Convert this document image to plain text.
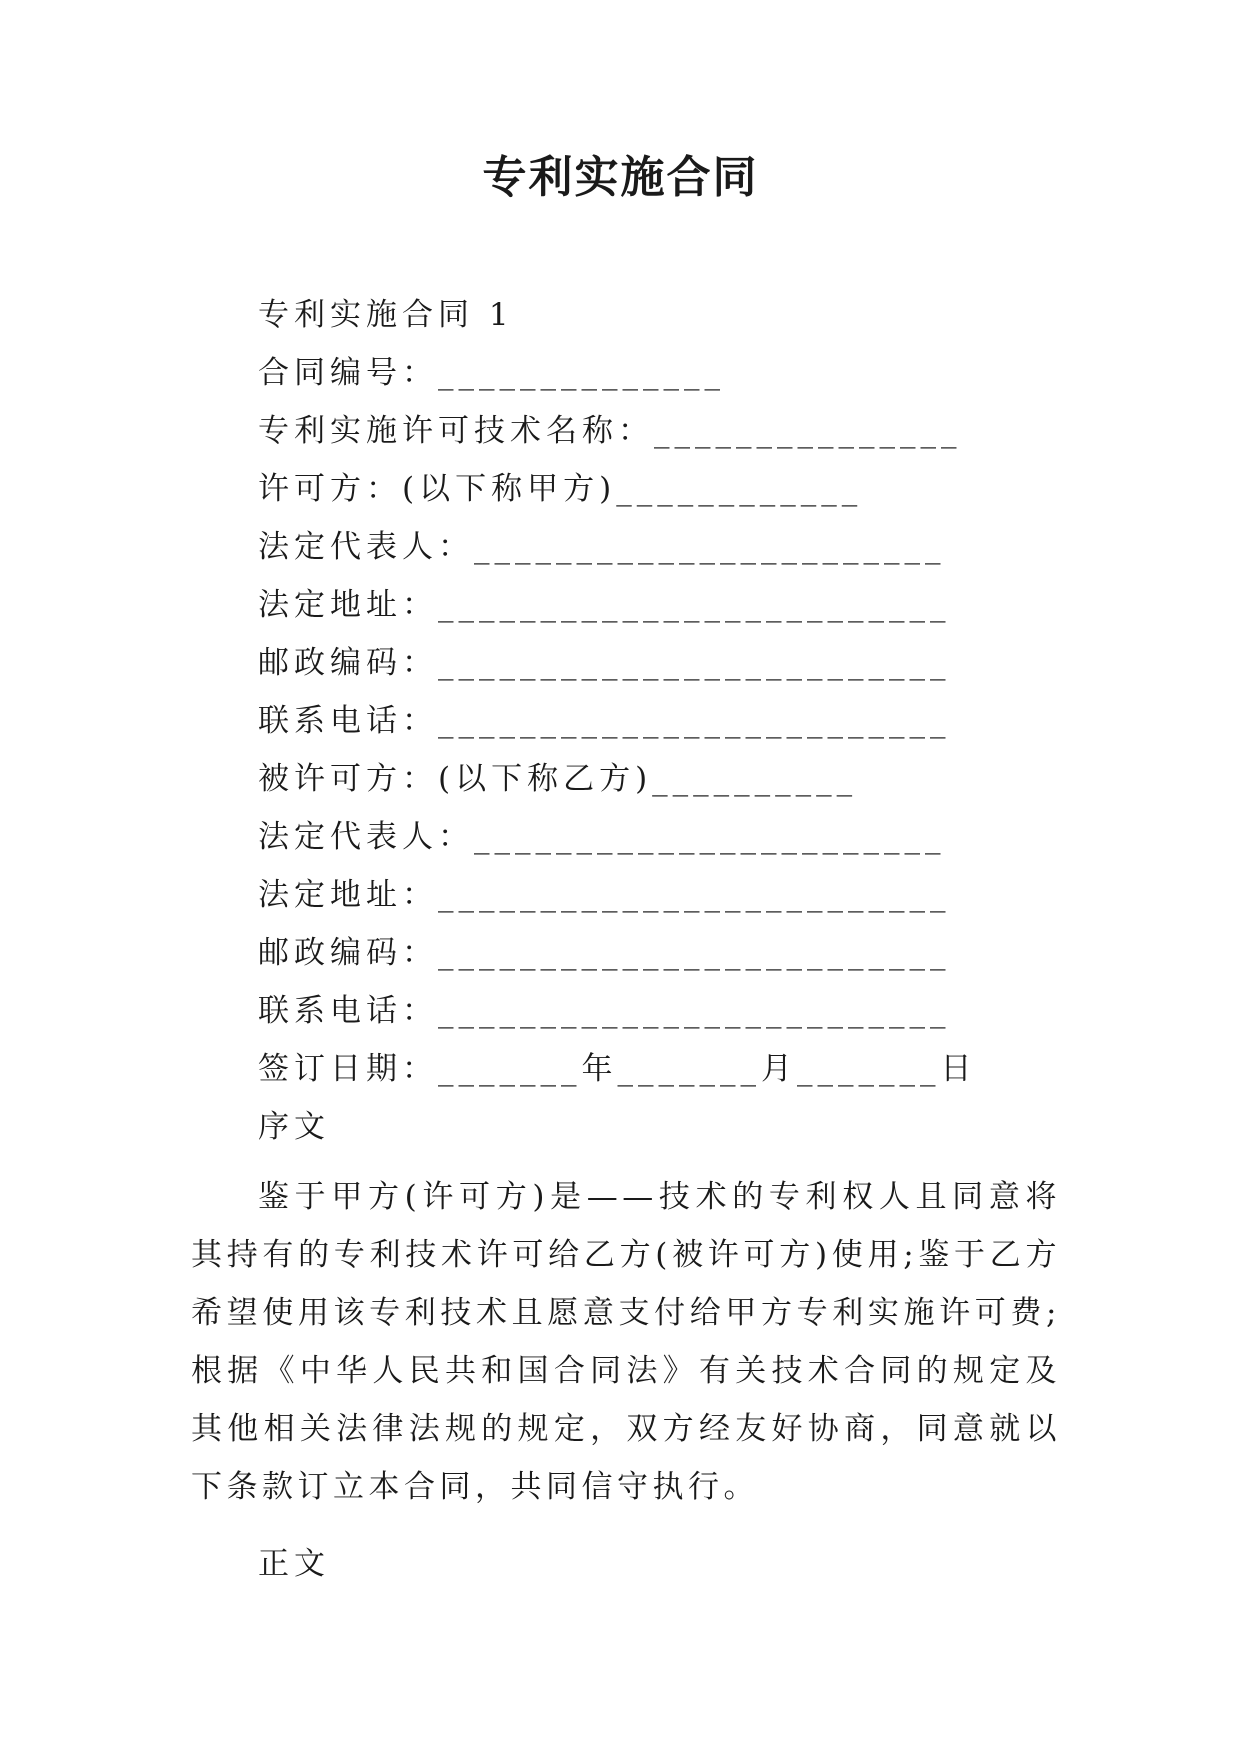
专利实施合同
专利实施合同 1
合同编号：______________
专利实施许可技术名称：_______________
许可方：(以下称甲方)____________
法定代表人：_______________________
法定地址：_________________________
邮政编码：_________________________
联系电话：_________________________
被许可方：(以下称乙方)__________
法定代表人：_______________________
法定地址：_________________________
邮政编码：_________________________
联系电话：_________________________
签订日期：_______年_______月_______日
序文
鉴于甲方(许可方)是——技术的专利权人且同意将其持有的专利技术许可给乙方(被许可方)使用;鉴于乙方希望使用该专利技术且愿意支付给甲方专利实施许可费;根据《中华人民共和国合同法》有关技术合同的规定及其他相关法律法规的规定，双方经友好协商，同意就以下条款订立本合同，共同信守执行。
正文
